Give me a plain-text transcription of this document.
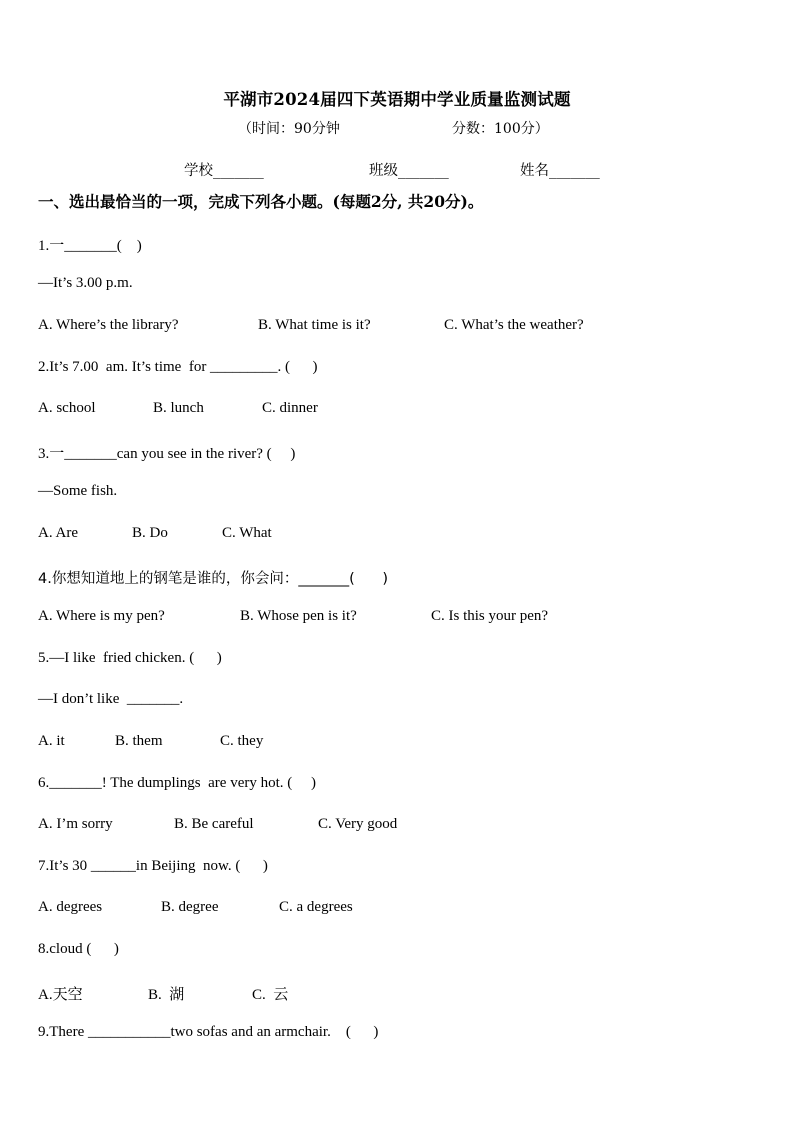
平湖市2024届四下英语期中学业质量监测试题
（时间：90分钟	分数：100分）
学校_______	班级_______	姓名_______
一、选出最恰当的一项，完成下列各小题。(每题2分, 共20分)。
1.一_______(    )
—It’s 3.00 p.m.
A. Where’s the library?	B. What time is it?	C. What’s the weather?
2.It’s 7.00  am. It’s time  for _________. (      )
A. school	B. lunch	C. dinner
3.一_______can you see in the river? (     )
—Some fish.
A. Are	B. Do	C. What
4.你想知道地上的钢笔是谁的，你会问：_______(      )
A. Where is my pen?	B. Whose pen is it?	C. Is this your pen?
5.—I like  fried chicken. (      )
—I don’t like  _______.
A. it	B. them	C. they
6._______! The dumplings  are very hot. (     )
A. I’m sorry	B. Be careful	C. Very good
7.It’s 30 ______in Beijing  now. (      )
A. degrees	B. degree	C. a degrees
8.cloud (      )
A.天空	B.  湖	C.  云
9.There ___________two sofas and an armchair.    (      )
